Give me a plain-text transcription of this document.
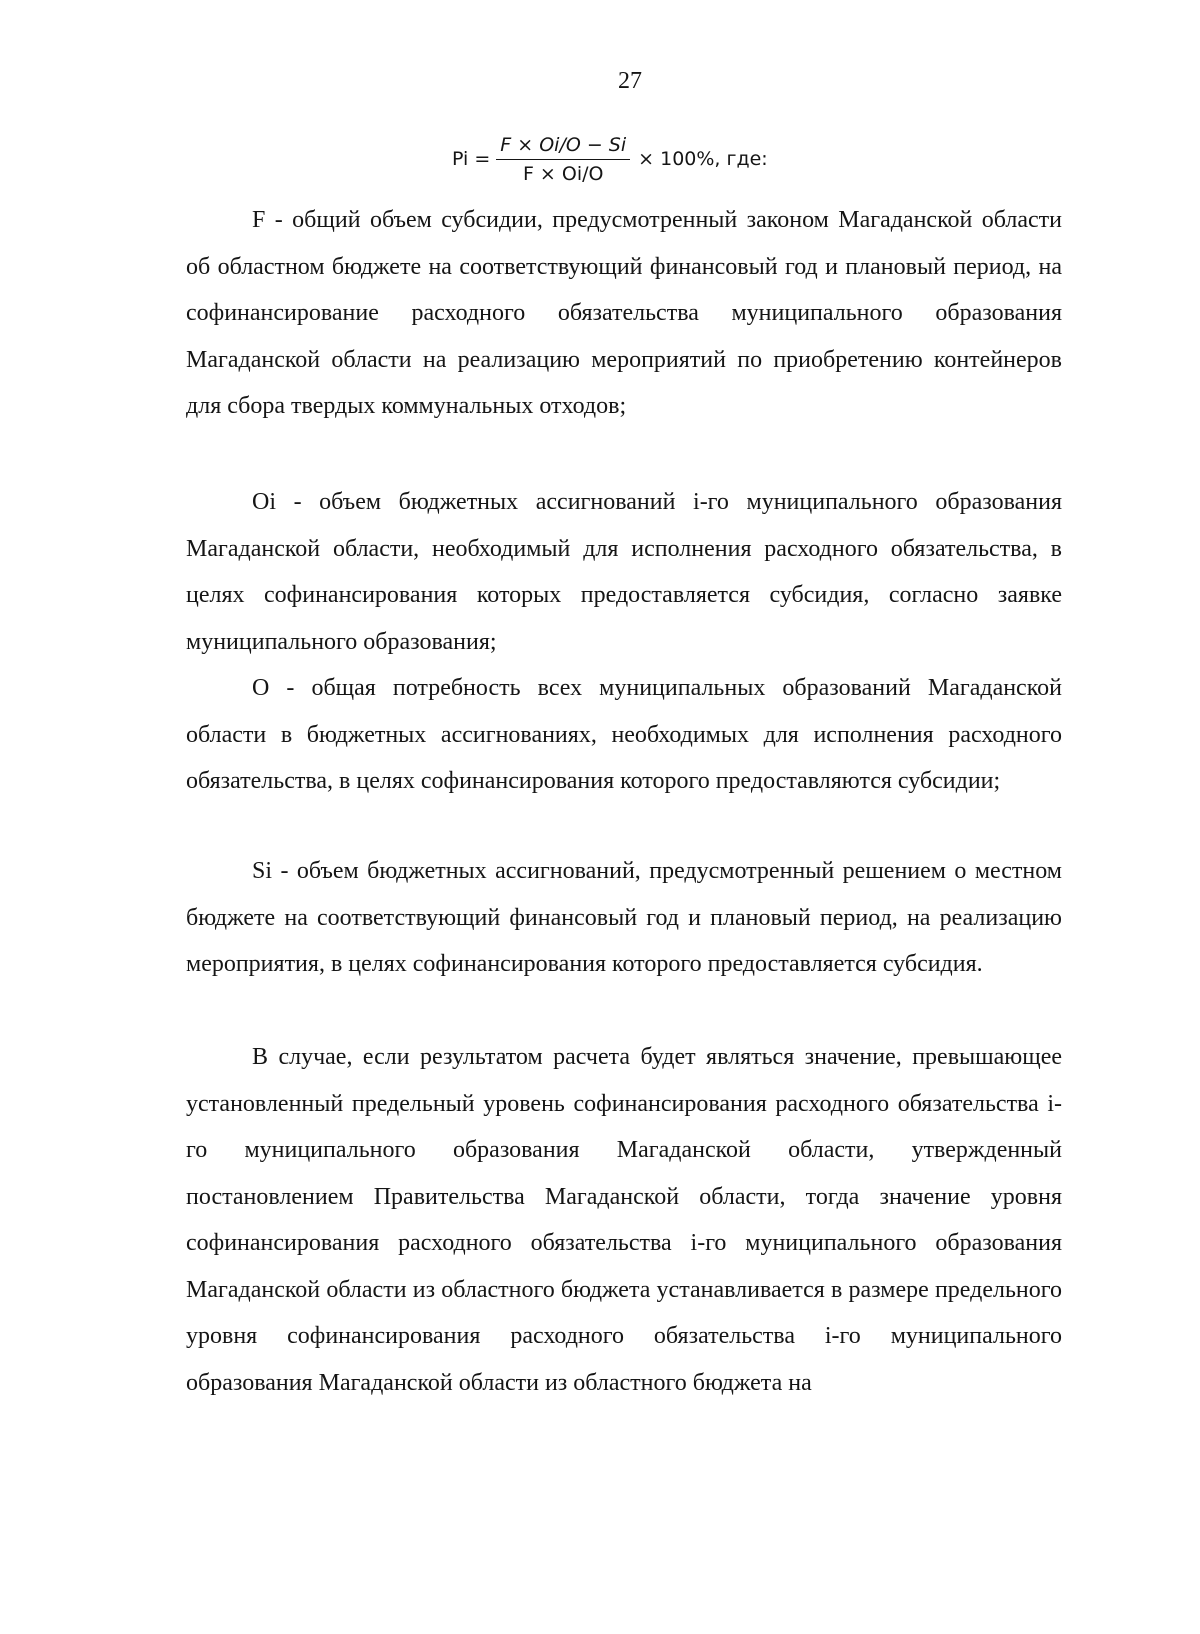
27
$Pi = \frac{F \times Oi/O - Si}{F \times Oi/O} \times 100\%$, где:

F - общий объем субсидии, предусмотренный законом Магаданской области об областном бюджете на соответствующий финансовый год и плановый период, на софинансирование расходного обязательства муниципального образования Магаданской области на реализацию мероприятий по приобретению контейнеров для сбора твердых коммунальных отходов;

Oi - объем бюджетных ассигнований i-го муниципального образования Магаданской области, необходимый для исполнения расходного обязательства, в целях софинансирования которых предоставляется субсидия, согласно заявке муниципального образования;

O - общая потребность всех муниципальных образований Магаданской области в бюджетных ассигнованиях, необходимых для исполнения расходного обязательства, в целях софинансирования которого предоставляются субсидии;

Si - объем бюджетных ассигнований, предусмотренный решением о местном бюджете на соответствующий финансовый год и плановый период, на реализацию мероприятия, в целях софинансирования которого предоставляется субсидия.

В случае, если результатом расчета будет являться значение, превышающее установленный предельный уровень софинансирования расходного обязательства i-го муниципального образования Магаданской области, утвержденный постановлением Правительства Магаданской области, тогда значение уровня софинансирования расходного обязательства i-го муниципального образования Магаданской области из областного бюджета устанавливается в размере предельного уровня софинансирования расходного обязательства i-го муниципального образования Магаданской области из областного бюджета на
